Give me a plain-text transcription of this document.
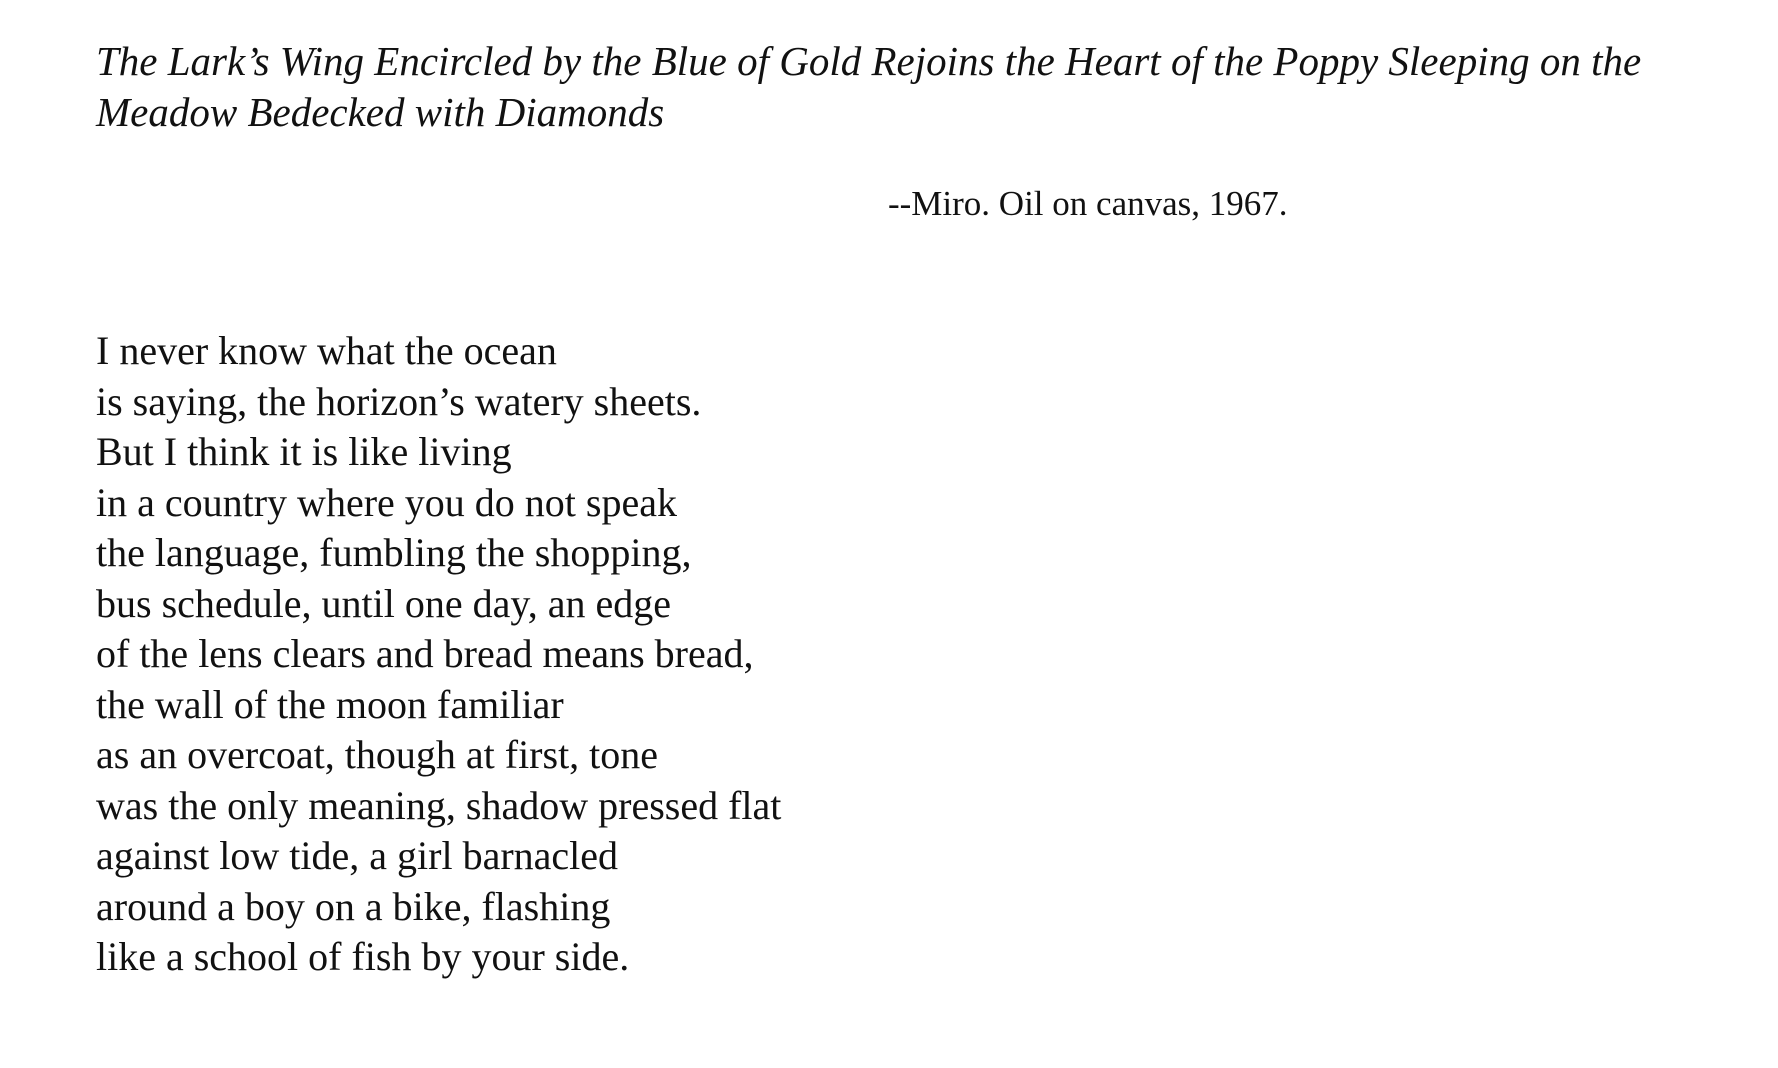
The Lark’s Wing Encircled by the Blue of Gold Rejoins the Heart of the Poppy Sleeping on the
Meadow Bedecked with Diamonds

--Miro. Oil on canvas, 1967.

I never know what the ocean
is saying, the horizon’s watery sheets.
But I think it is like living
in a country where you do not speak
the language, fumbling the shopping,
bus schedule, until one day, an edge
of the lens clears and bread means bread,
the wall of the moon familiar
as an overcoat, though at first, tone
was the only meaning, shadow pressed flat
against low tide, a girl barnacled
around a boy on a bike, flashing
like a school of fish by your side.
